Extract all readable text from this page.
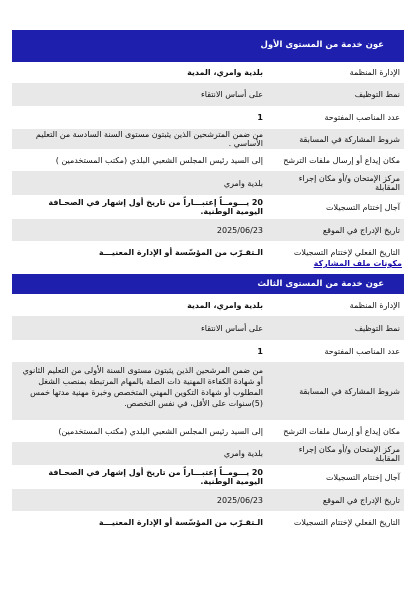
عون خدمة من المستوى الأول
الإدارة المنظمة
بلدية وامري، المدية
نمط التوظيف
على أساس الانتقاء
عدد المناصب المفتوحة
1
شروط المشاركة في المسابقة
من ضمن المترشحين الذين يثبتون مستوى السنة السادسة من التعليم الأساسي .
مكان إيداع أو إرسال ملفات الترشح
إلى السيد رئيس المجلس الشعبي البلدي (مكتب المستخدمين )
مركز الإمتحان و/أو مكان إجراء المقابلة
بلدية وامري
آجال إختتام التسجيلات
20 يـــومــاً إعتبـــاراً من تاريخ أول إشهار في الصحـافة اليومية الوطنية.
تاريخ الإدراج في الموقع
2025/06/23
التاريخ الفعلي لإختتام التسجيلات
الـتقـرّب من المؤسّسة أو الإدارة المعنيـــة
مكونات ملف المشاركة
عون خدمة من المستوى الثالث
الإدارة المنظمة
بلدية وامري، المدية
نمط التوظيف
على أساس الانتقاء
عدد المناصب المفتوحة
1
شروط المشاركة في المسابقة
من ضمن المرشحين الذين يثبتون مستوى السنة الأولى من التعليم الثانوي أو شهادة الكفاءة المهنية ذات الصلة بالمهام المرتبطة بمنصب الشغل المطلوب أو شهادة التكوين المهني المتخصص وخبرة مهنية مدتها خمس (5)سنوات على الأقل، في نفس التخصص.
مكان إيداع أو إرسال ملفات الترشح
إلى السيد رئيس المجلس الشعبي البلدي (مكتب المستخدمين)
مركز الإمتحان و/أو مكان إجراء المقابلة
بلدية وامري
آجال إختتام التسجيلات
20 يـــومــاً إعتبـــاراً من تاريخ أول إشهار في الصحـافة اليومية الوطنية.
تاريخ الإدراج في الموقع
2025/06/23
التاريخ الفعلي لإختتام التسجيلات
الـتقـرّب من المؤسّسة أو الإدارة المعنيـــة
